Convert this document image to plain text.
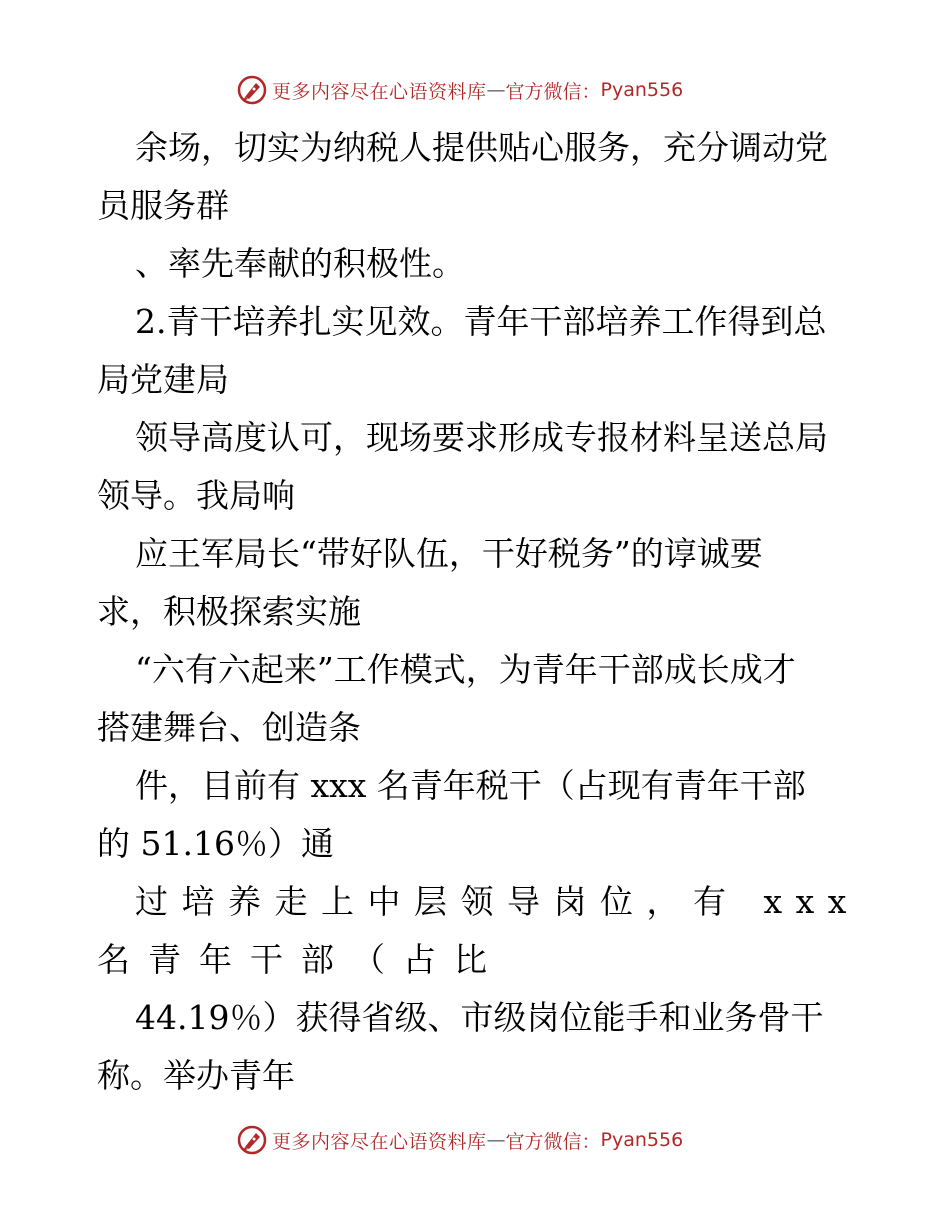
更多内容尽在心语资料库 — 官方微信： Pyan556
余场，切实为纳税人提供贴心服务，充分调动党
员服务群
、率先奉献的积极性。
2.青干培养扎实见效。青年干部培养工作得到总
局党建局
领导高度认可，现场要求形成专报材料呈送总局
领导。我局响
应王军局长“带好队伍，干好税务”的谆诚要
求，积极探索实施
“六有六起来”工作模式，为青年干部成长成才
搭建舞台、创造条
件，目前有 xxx 名青年税干（占现有青年干部
的 51.16％）通
过培养走上中层领导岗位，有 xxx
名青年干部（占比
44.19％）获得省级、市级岗位能手和业务骨干
称。举办青年
更多内容尽在心语资料库 — 官方微信： Pyan556
